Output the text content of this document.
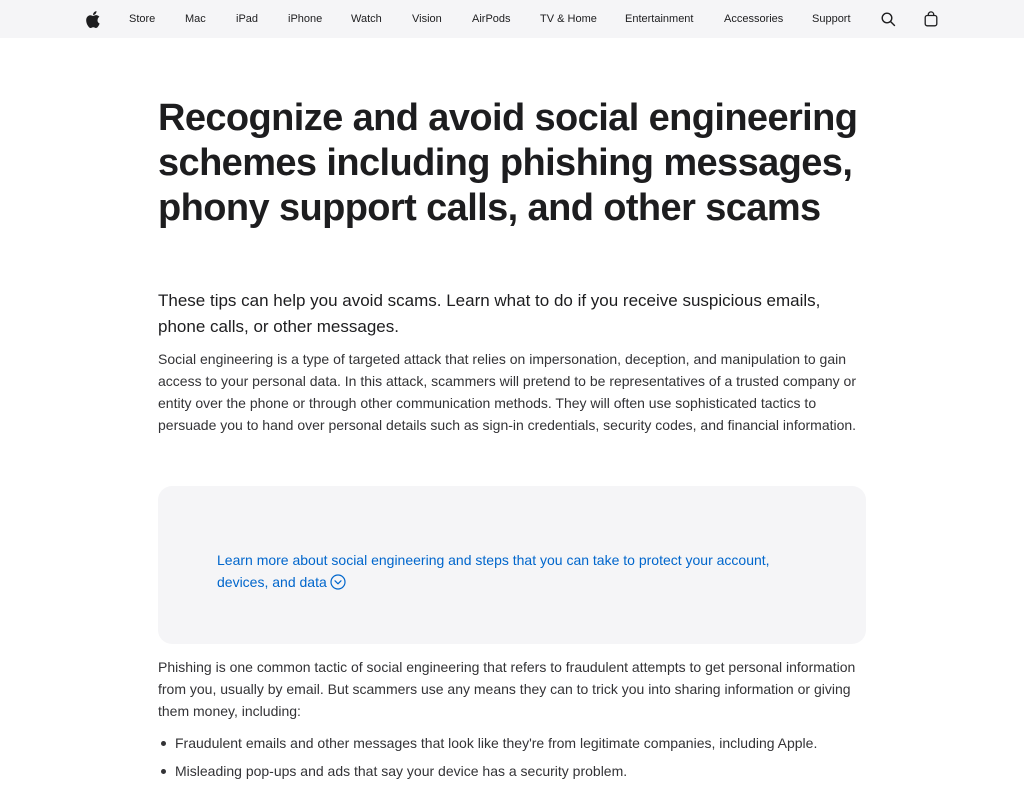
Store	Mac	iPad	iPhone	Watch	Vision	AirPods	TV & Home	Entertainment	Accessories	Support
Recognize and avoid social engineering schemes including phishing messages, phony support calls, and other scams

These tips can help you avoid scams. Learn what to do if you receive suspicious emails, phone calls, or other messages.

Social engineering is a type of targeted attack that relies on impersonation, deception, and manipulation to gain access to your personal data. In this attack, scammers will pretend to be representatives of a trusted company or entity over the phone or through other communication methods. They will often use sophisticated tactics to persuade you to hand over personal details such as sign-in credentials, security codes, and financial information.

Learn more about social engineering and steps that you can take to protect your account, devices, and data

Phishing is one common tactic of social engineering that refers to fraudulent attempts to get personal information from you, usually by email. But scammers use any means they can to trick you into sharing information or giving them money, including:

Fraudulent emails and other messages that look like they're from legitimate companies, including Apple.
Misleading pop-ups and ads that say your device has a security problem.
